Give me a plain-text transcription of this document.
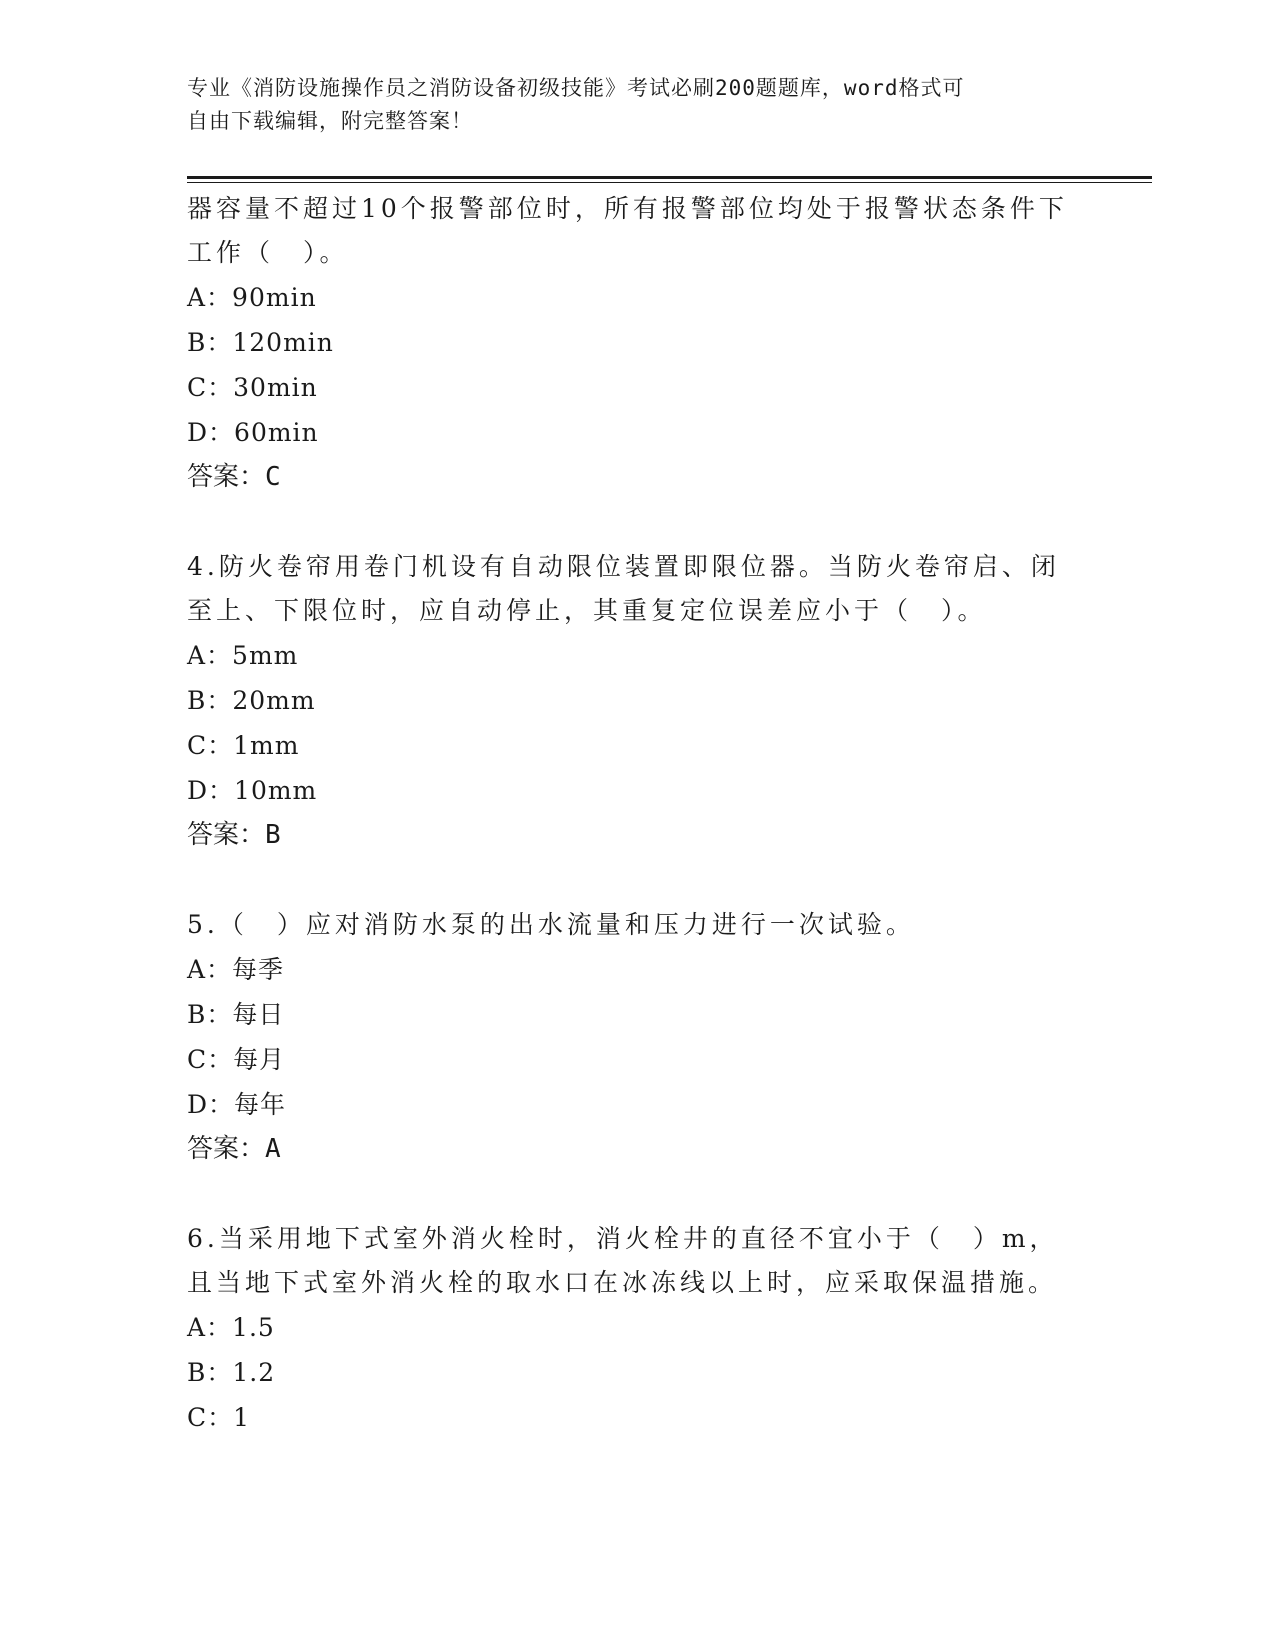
专业《消防设施操作员之消防设备初级技能》考试必刷200题题库，word格式可
自由下载编辑，附完整答案！

器容量不超过10个报警部位时，所有报警部位均处于报警状态条件下工作（　）。

A：90min

B：120min

C：30min

D：60min

答案：C

4.防火卷帘用卷门机设有自动限位装置即限位器。当防火卷帘启、闭至上、下限位时，应自动停止，其重复定位误差应小于（　）。

A：5mm

B：20mm

C：1mm

D：10mm

答案：B

5.（　）应对消防水泵的出水流量和压力进行一次试验。

A：每季

B：每日

C：每月

D：每年

答案：A

6.当采用地下式室外消火栓时，消火栓井的直径不宜小于（　）m，且当地下式室外消火栓的取水口在冰冻线以上时，应采取保温措施。

A：1.5

B：1.2

C：1
